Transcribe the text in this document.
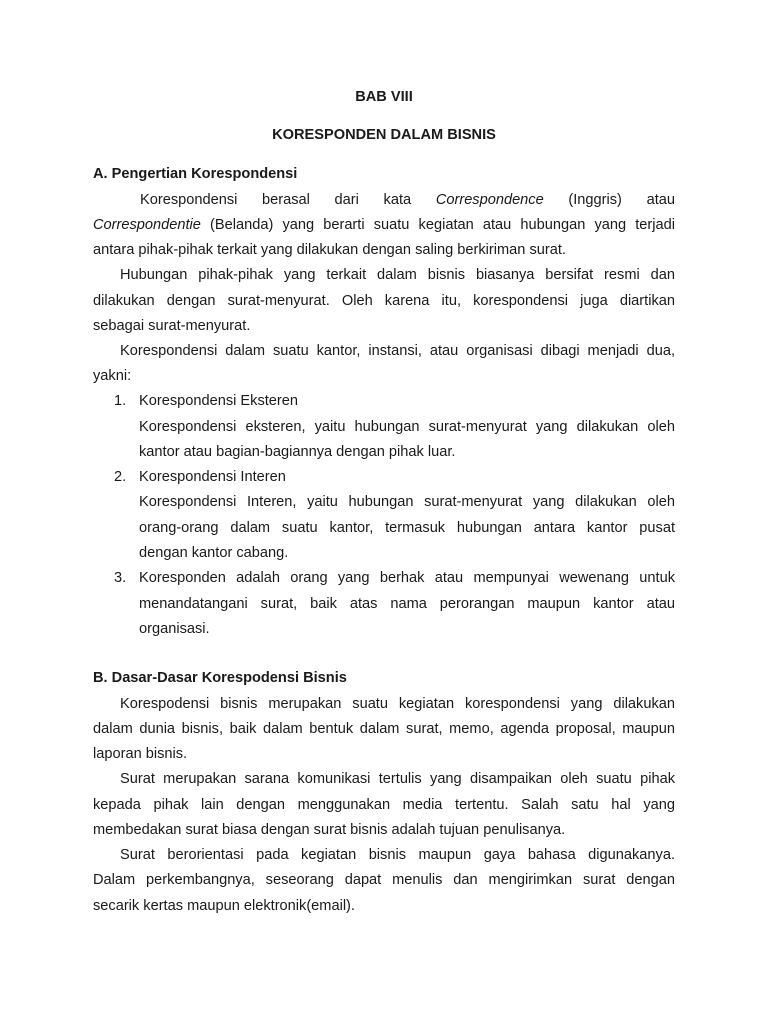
BAB VIII
KORESPONDEN DALAM BISNIS
A. Pengertian Korespondensi
Korespondensi berasal dari kata Correspondence (Inggris) atau
Correspondentie (Belanda) yang berarti suatu kegiatan atau hubungan yang terjadi
antara pihak-pihak terkait yang dilakukan dengan saling berkiriman surat.
Hubungan pihak-pihak yang terkait dalam bisnis biasanya bersifat resmi dan
dilakukan dengan surat-menyurat. Oleh karena itu, korespondensi juga diartikan
sebagai surat-menyurat.
Korespondensi dalam suatu kantor, instansi, atau organisasi dibagi menjadi dua,
yakni:
1. Korespondensi Eksteren
Korespondensi eksteren, yaitu hubungan surat-menyurat yang dilakukan oleh
kantor atau bagian-bagiannya dengan pihak luar.
2. Korespondensi Interen
Korespondensi Interen, yaitu hubungan surat-menyurat yang dilakukan oleh
orang-orang dalam suatu kantor, termasuk hubungan antara kantor pusat
dengan kantor cabang.
3. Koresponden adalah orang yang berhak atau mempunyai wewenang untuk
menandatangani surat, baik atas nama perorangan maupun kantor atau
organisasi.
B. Dasar-Dasar Korespodensi Bisnis
Korespodensi bisnis merupakan suatu kegiatan korespondensi yang dilakukan
dalam dunia bisnis, baik dalam bentuk dalam surat, memo, agenda proposal, maupun
laporan bisnis.
Surat merupakan sarana komunikasi tertulis yang disampaikan oleh suatu pihak
kepada pihak lain dengan menggunakan media tertentu. Salah satu hal yang
membedakan surat biasa dengan surat bisnis adalah tujuan penulisanya.
Surat berorientasi pada kegiatan bisnis maupun gaya bahasa digunakanya.
Dalam perkembangnya, seseorang dapat menulis dan mengirimkan surat dengan
secarik kertas maupun elektronik(email).
